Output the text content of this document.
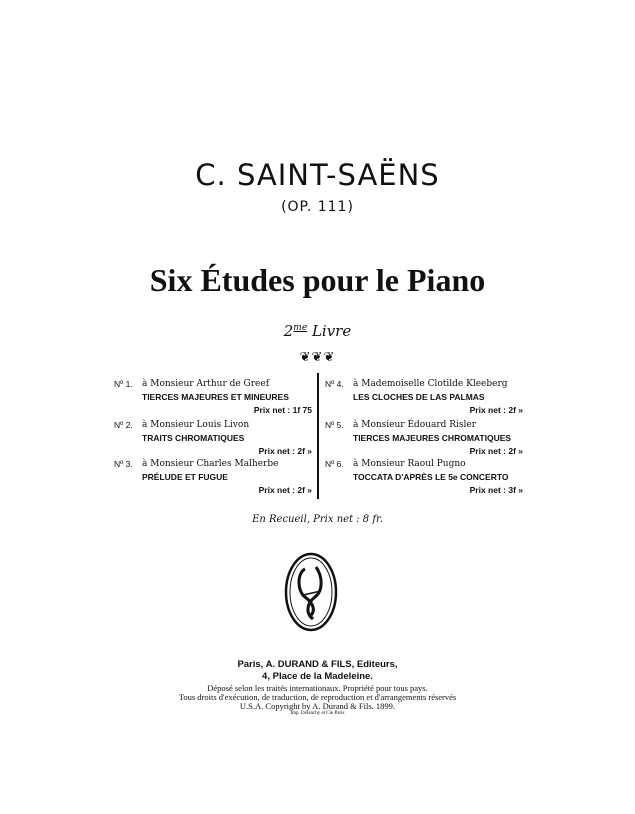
C. SAINT-SAËNS
(OP. 111)
Six Études pour le Piano
$2^{me}$ Livre
❦❦❦
Nº 1. à Monsieur Arthur de Greef
TIERCES MAJEURES ET MINEURES
Prix net : 1f 75
Nº 2. à Monsieur Louis Livon
TRAITS CHROMATIQUES
Prix net : 2f »
Nº 3. à Monsieur Charles Malherbe
PRÉLUDE ET FUGUE
Prix net : 2f »
Nº 4. à Mademoiselle Clotilde Kleeberg
LES CLOCHES DE LAS PALMAS
Prix net : 2f »
Nº 5. à Monsieur Édouard Risler
TIERCES MAJEURES CHROMATIQUES
Prix net : 2f »
Nº 6. à Monsieur Raoul Pugno
TOCCATA D'APRÈS LE 5e CONCERTO
Prix net : 3f »
En Recueil, Prix net : 8 fr.
Paris, A. DURAND & FILS, Editeurs,
4, Place de la Madeleine.
Déposé selon les traités internationaux. Propriété pour tous pays.
Tous droits d'exécution, de traduction, de reproduction et d'arrangements réservés
U.S.A. Copyright by A. Durand & Fils. 1899.
Imp. Delanchy et Cie Paris
